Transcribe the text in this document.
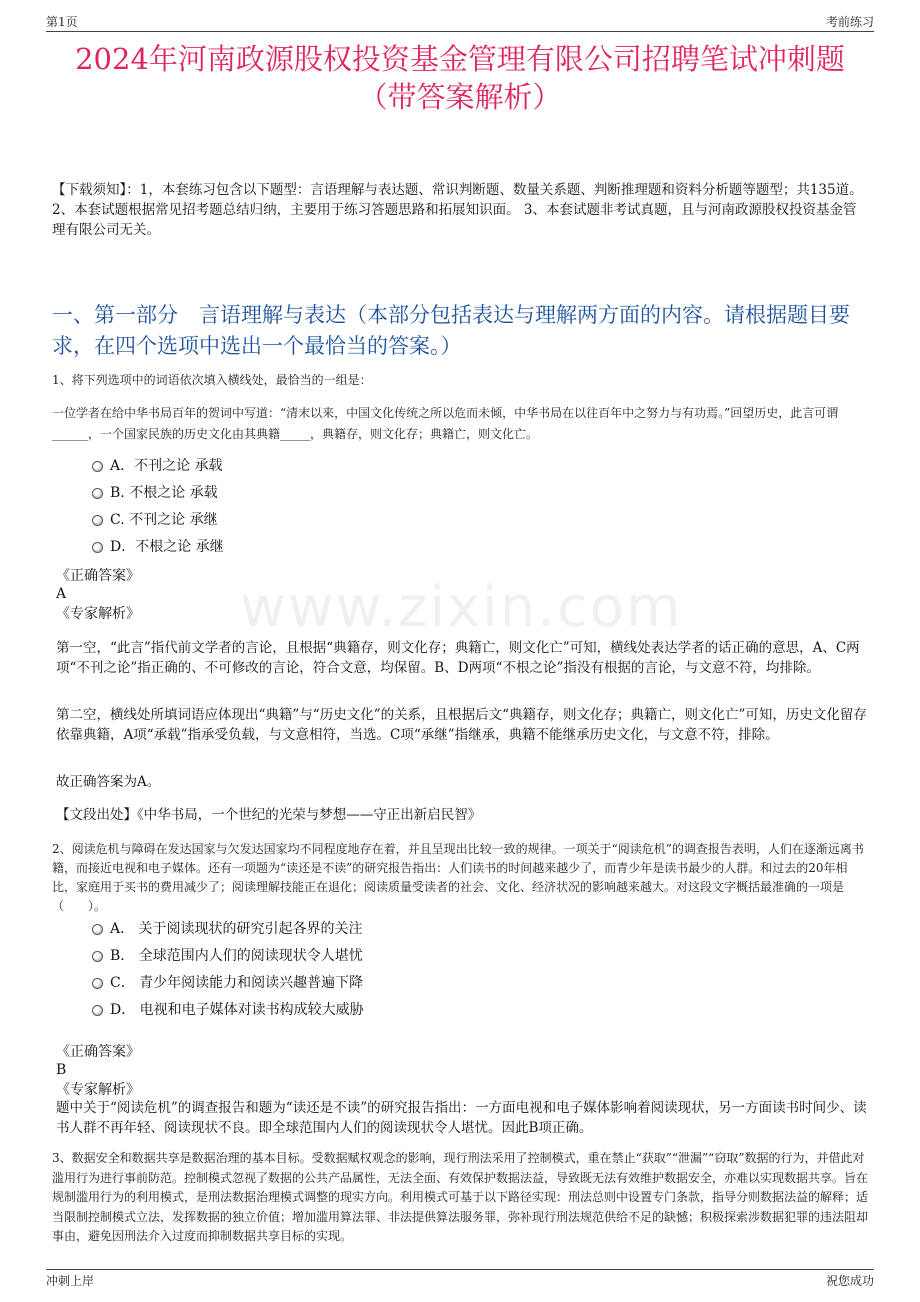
第1页	考前练习
www.zixin.com
2024年河南政源股权投资基金管理有限公司招聘笔试冲刺题
（带答案解析）
【下载须知】：1，本套练习包含以下题型：言语理解与表达题、常识判断题、数量关系题、判断推理题和资料分析题等题型；共135道。 2、本套试题根据常见招考题总结归纳，主要用于练习答题思路和拓展知识面。 3、本套试题非考试真题，且与河南政源股权投资基金管理有限公司无关。
一、第一部分　言语理解与表达（本部分包括表达与理解两方面的内容。请根据题目要求，在四个选项中选出一个最恰当的答案。）
1、将下列选项中的词语依次填入横线处，最恰当的一组是：
一位学者在给中华书局百年的贺词中写道：“清末以来，中国文化传统之所以危而未倾，中华书局在以往百年中之努力与有功焉。”回望历史，此言可谓______，一个国家民族的历史文化由其典籍_____，典籍存，则文化存；典籍亡，则文化亡。
A．不刊之论 承载
B. 不根之论 承载
C. 不刊之论 承继
D．不根之论 承继
《正确答案》
A
《专家解析》
第一空，“此言”指代前文学者的言论，且根据“典籍存，则文化存；典籍亡，则文化亡”可知，横线处表达学者的话正确的意思，A、C两项“不刊之论”指正确的、不可修改的言论，符合文意，均保留。B、D两项“不根之论”指没有根据的言论，与文意不符，均排除。
第二空，横线处所填词语应体现出“典籍”与“历史文化”的关系，且根据后文“典籍存，则文化存；典籍亡，则文化亡”可知，历史文化留存依靠典籍，A项“承载”指承受负载，与文意相符，当选。C项“承继”指继承，典籍不能继承历史文化，与文意不符，排除。
故正确答案为A。
【文段出处】《中华书局，一个世纪的光荣与梦想——守正出新启民智》
2、阅读危机与障碍在发达国家与欠发达国家均不同程度地存在着，并且呈现出比较一致的规律。一项关于“阅读危机”的调查报告表明，人们在逐渐远离书籍，而接近电视和电子媒体。还有一项题为“读还是不读”的研究报告指出：人们读书的时间越来越少了，而青少年是读书最少的人群。和过去的20年相比，家庭用于买书的费用减少了；阅读理解技能正在退化；阅读质量受读者的社会、文化、经济状况的影响越来越大。对这段文字概括最准确的一项是（　　）。
A． 关于阅读现状的研究引起各界的关注
B． 全球范围内人们的阅读现状令人堪忧
C． 青少年阅读能力和阅读兴趣普遍下降
D． 电视和电子媒体对读书构成较大威胁
《正确答案》
B
《专家解析》
题中关于“阅读危机”的调查报告和题为“读还是不读”的研究报告指出：一方面电视和电子媒体影响着阅读现状，另一方面读书时间少、读书人群不再年轻、阅读现状不良。即全球范围内人们的阅读现状令人堪忧。因此B项正确。
3、数据安全和数据共享是数据治理的基本目标。受数据赋权观念的影响，现行刑法采用了控制模式，重在禁止“获取”“泄漏”“窃取”数据的行为，并借此对滥用行为进行事前防范。控制模式忽视了数据的公共产品属性，无法全面、有效保护数据法益，导致既无法有效维护数据安全，亦难以实现数据共享。旨在规制滥用行为的利用模式，是刑法数据治理模式调整的现实方向。利用模式可基于以下路径实现：刑法总则中设置专门条款，指导分则数据法益的解释；适当限制控制模式立法，发挥数据的独立价值；增加滥用算法罪、非法提供算法服务罪，弥补现行刑法规范供给不足的缺憾；积极探索涉数据犯罪的违法阻却事由，避免因刑法介入过度而抑制数据共享目标的实现。
冲刺上岸	祝您成功
